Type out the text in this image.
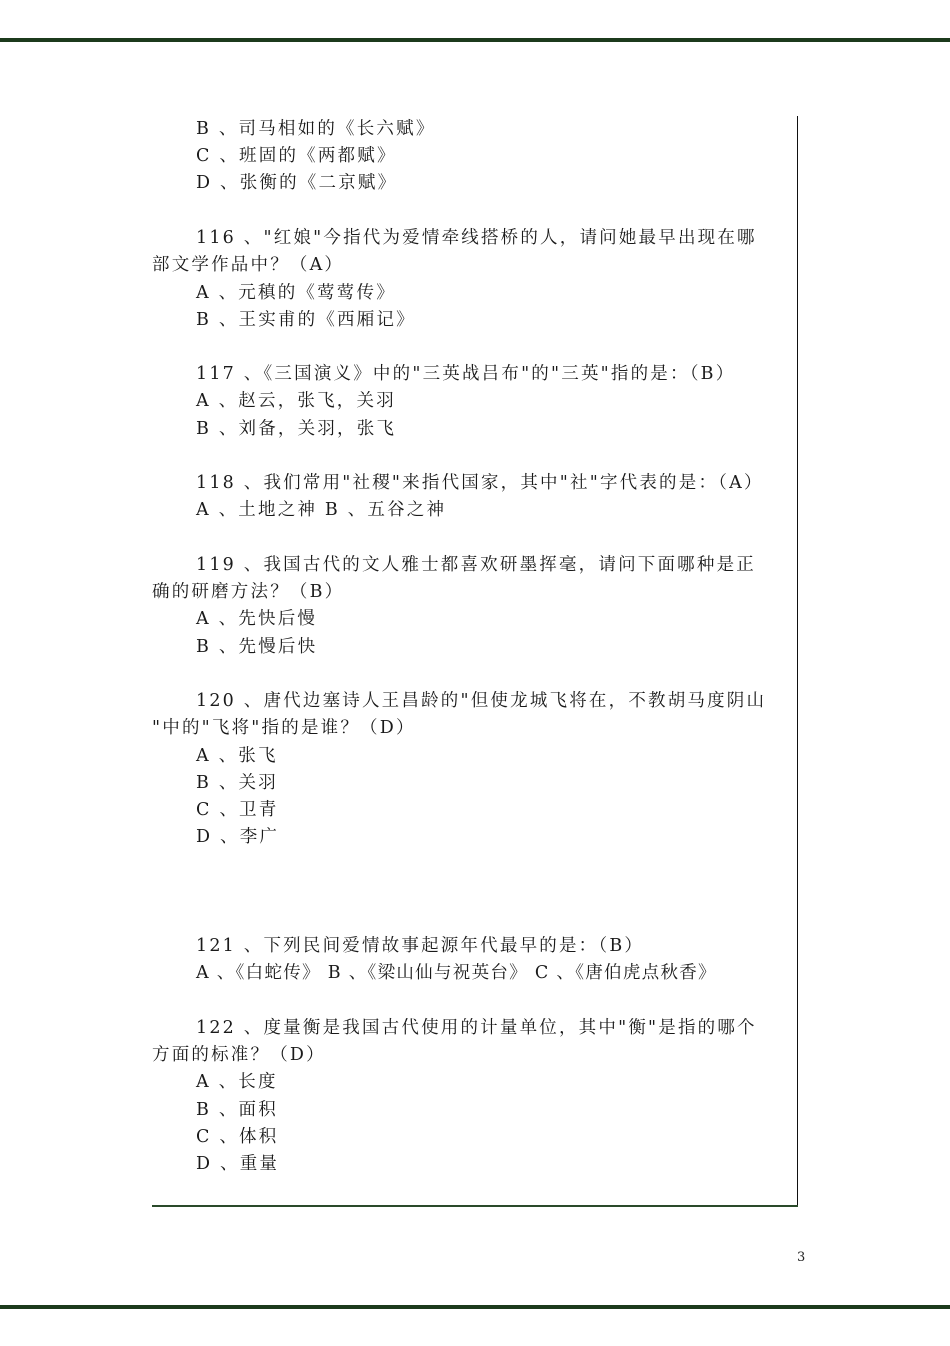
B 、司马相如的《长六赋》
C 、班固的《两都赋》
D 、张衡的《二京赋》
116 、"红娘"今指代为爱情牵线搭桥的人，请问她最早出现在哪
部文学作品中？（A）
A 、元稹的《莺莺传》
B 、王实甫的《西厢记》
117 、《三国演义》中的"三英战吕布"的"三英"指的是：（B）
A 、赵云，张飞，关羽
B 、刘备，关羽，张飞
118 、我们常用"社稷"来指代国家，其中"社"字代表的是：（A）
A 、土地之神 B 、五谷之神
119 、我国古代的文人雅士都喜欢研墨挥毫，请问下面哪种是正
确的研磨方法？（B）
A 、先快后慢
B 、先慢后快
120 、唐代边塞诗人王昌龄的"但使龙城飞将在，不教胡马度阴山
"中的"飞将"指的是谁？（D）
A 、张飞
B 、关羽
C 、卫青
D 、李广
121 、下列民间爱情故事起源年代最早的是：（B）
A 、《白蛇传》 B 、《梁山仙与祝英台》 C 、《唐伯虎点秋香》
122 、度量衡是我国古代使用的计量单位，其中"衡"是指的哪个
方面的标准？（D）
A 、长度
B 、面积
C 、体积
D 、重量
3
